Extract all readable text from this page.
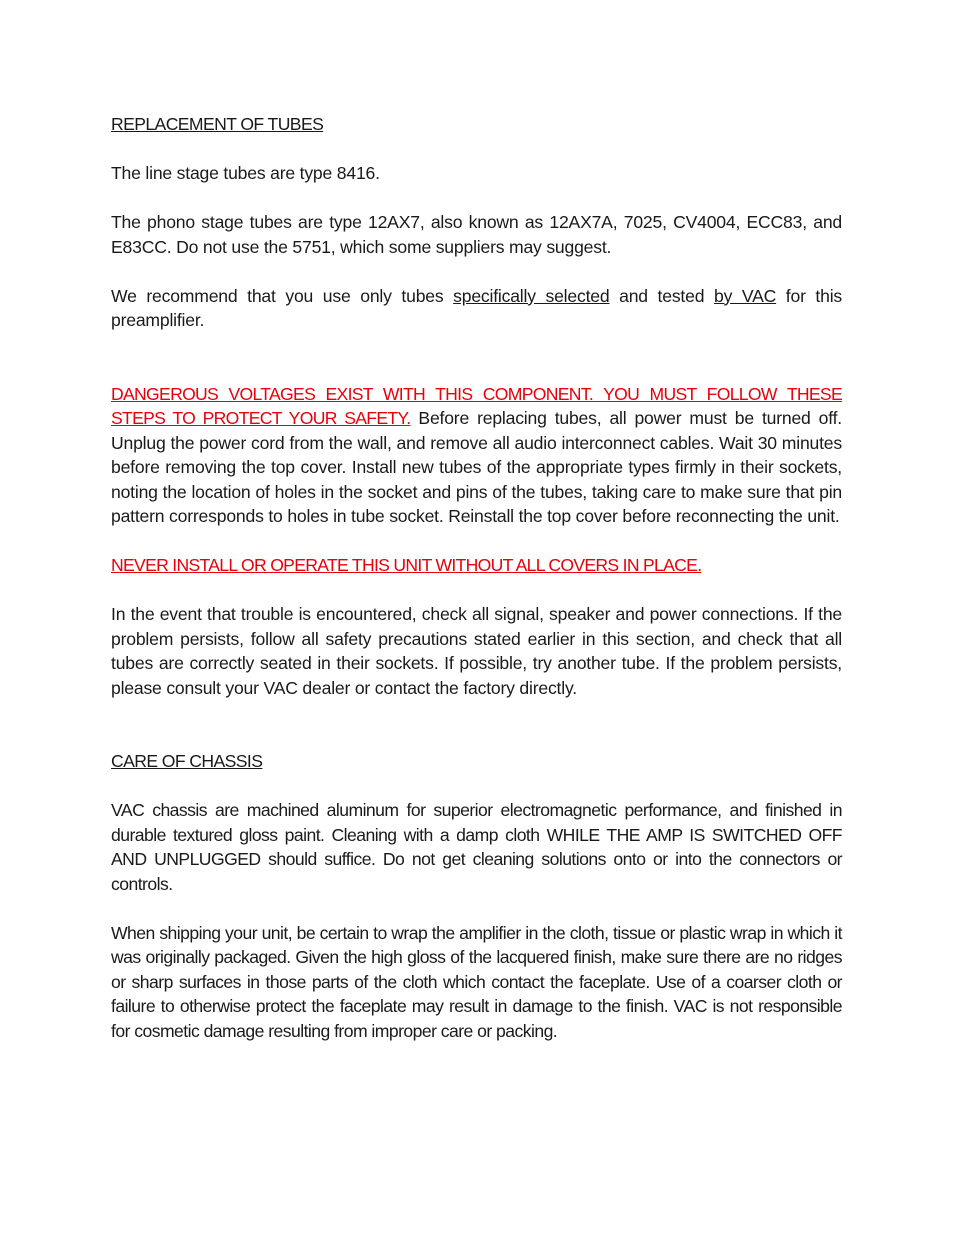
REPLACEMENT OF TUBES

The line stage tubes are type 8416.

The phono stage tubes are type 12AX7, also known as 12AX7A, 7025, CV4004, ECC83, and E83CC. Do not use the 5751, which some suppliers may suggest.

We recommend that you use only tubes specifically selected and tested by VAC for this preamplifier.

DANGEROUS VOLTAGES EXIST WITH THIS COMPONENT. YOU MUST FOLLOW THESE STEPS TO PROTECT YOUR SAFETY. Before replacing tubes, all power must be turned off. Unplug the power cord from the wall, and remove all audio interconnect cables. Wait 30 minutes before removing the top cover. Install new tubes of the appropriate types firmly in their sockets, noting the location of holes in the socket and pins of the tubes, taking care to make sure that pin pattern corresponds to holes in tube socket. Reinstall the top cover before reconnecting the unit.

NEVER INSTALL OR OPERATE THIS UNIT WITHOUT ALL COVERS IN PLACE.

In the event that trouble is encountered, check all signal, speaker and power connections. If the problem persists, follow all safety precautions stated earlier in this section, and check that all tubes are correctly seated in their sockets. If possible, try another tube. If the problem persists, please consult your VAC dealer or contact the factory directly.

CARE OF CHASSIS

VAC chassis are machined aluminum for superior electromagnetic performance, and finished in durable textured gloss paint. Cleaning with a damp cloth WHILE THE AMP IS SWITCHED OFF AND UNPLUGGED should suffice. Do not get cleaning solutions onto or into the connectors or controls.

When shipping your unit, be certain to wrap the amplifier in the cloth, tissue or plastic wrap in which it was originally packaged. Given the high gloss of the lacquered finish, make sure there are no ridges or sharp surfaces in those parts of the cloth which contact the faceplate. Use of a coarser cloth or failure to otherwise protect the faceplate may result in damage to the finish. VAC is not responsible for cosmetic damage resulting from improper care or packing.
